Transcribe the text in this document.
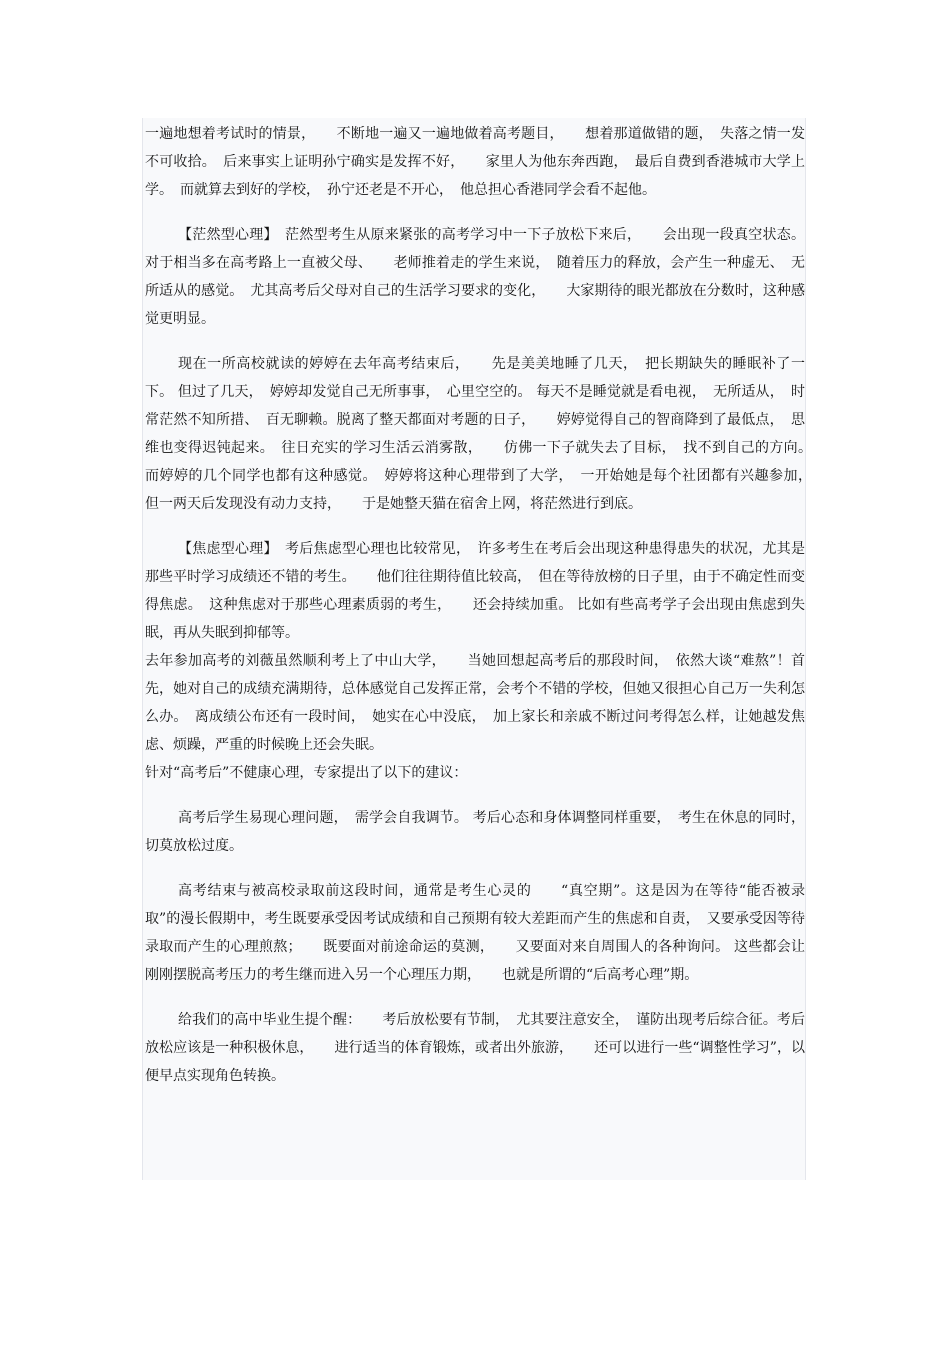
一遍地想着考试时的情景，　　不断地一遍又一遍地做着高考题目，　　想着那道做错的题，　失落之情一发不可收拾。　后来事实上证明孙宁确实是发挥不好，　　家里人为他东奔西跑，　最后自费到香港城市大学上学。　而就算去到好的学校，　孙宁还老是不开心，　他总担心香港同学会看不起他。

【茫然型心理】　茫然型考生从原来紧张的高考学习中一下子放松下来后，　　会出现一段真空状态。对于相当多在高考路上一直被父母、　　老师推着走的学生来说，　随着压力的释放，会产生一种虚无、　无所适从的感觉。　尤其高考后父母对自己的生活学习要求的变化，　　大家期待的眼光都放在分数时，这种感觉更明显。

现在一所高校就读的婷婷在去年高考结束后，　　先是美美地睡了几天，　把长期缺失的睡眠补了一下。 但过了几天，　婷婷却发觉自己无所事事，　心里空空的。 每天不是睡觉就是看电视，　无所适从，　时常茫然不知所措、　百无聊赖。脱离了整天都面对考题的日子，　　婷婷觉得自己的智商降到了最低点，　思维也变得迟钝起来。　往日充实的学习生活云消雾散，　　仿佛一下子就失去了目标，　找不到自己的方向。　而婷婷的几个同学也都有这种感觉。　婷婷将这种心理带到了大学，　一开始她是每个社团都有兴趣参加，　　但一两天后发现没有动力支持，　　于是她整天猫在宿舍上网，将茫然进行到底。

【焦虑型心理】　考后焦虑型心理也比较常见，　许多考生在考后会出现这种患得患失的状况，尤其是那些平时学习成绩还不错的考生。　　他们往往期待值比较高，　但在等待放榜的日子里，由于不确定性而变得焦虑。　这种焦虑对于那些心理素质弱的考生，　　还会持续加重。 比如有些高考学子会出现由焦虑到失眠，再从失眠到抑郁等。

去年参加高考的刘薇虽然顺利考上了中山大学，　　当她回想起高考后的那段时间，　依然大谈“难熬”！首先，她对自己的成绩充满期待，总体感觉自己发挥正常，会考个不错的学校，但她又很担心自己万一失利怎么办。　离成绩公布还有一段时间，　她实在心中没底，　加上家长和亲戚不断过问考得怎么样，让她越发焦虑、烦躁，严重的时候晚上还会失眠。

针对“高考后”不健康心理，专家提出了以下的建议：

高考后学生易现心理问题，　需学会自我调节。 考后心态和身体调整同样重要，　考生在休息的同时，切莫放松过度。

高考结束与被高校录取前这段时间，通常是考生心灵的　　“真空期”。这是因为在等待“能否被录取”的漫长假期中，考生既要承受因考试成绩和自己预期有较大差距而产生的焦虑和自责，　又要承受因等待录取而产生的心理煎熬；　　既要面对前途命运的莫测，　　又要面对来自周围人的各种询问。 这些都会让刚刚摆脱高考压力的考生继而进入另一个心理压力期，　　也就是所谓的“后高考心理”期。

给我们的高中毕业生提个醒：　　考后放松要有节制，　尤其要注意安全，　谨防出现考后综合征。考后放松应该是一种积极休息，　　进行适当的体育锻炼，或者出外旅游，　　还可以进行一些“调整性学习”，以便早点实现角色转换。
